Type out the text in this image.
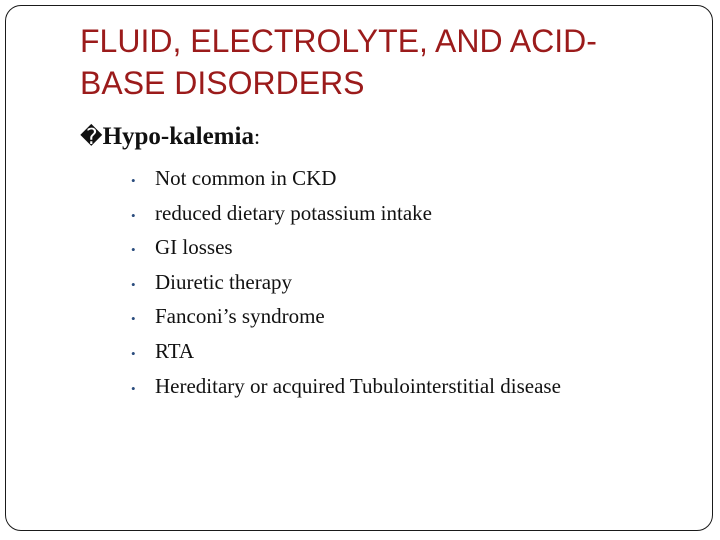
FLUID, ELECTROLYTE, AND ACID-
BASE DISORDERS
�Hypo-kalemia:
• Not common in CKD
• reduced dietary potassium intake
• GI losses
• Diuretic therapy
• Fanconi’s syndrome
• RTA
• Hereditary or acquired Tubulointerstitial disease
